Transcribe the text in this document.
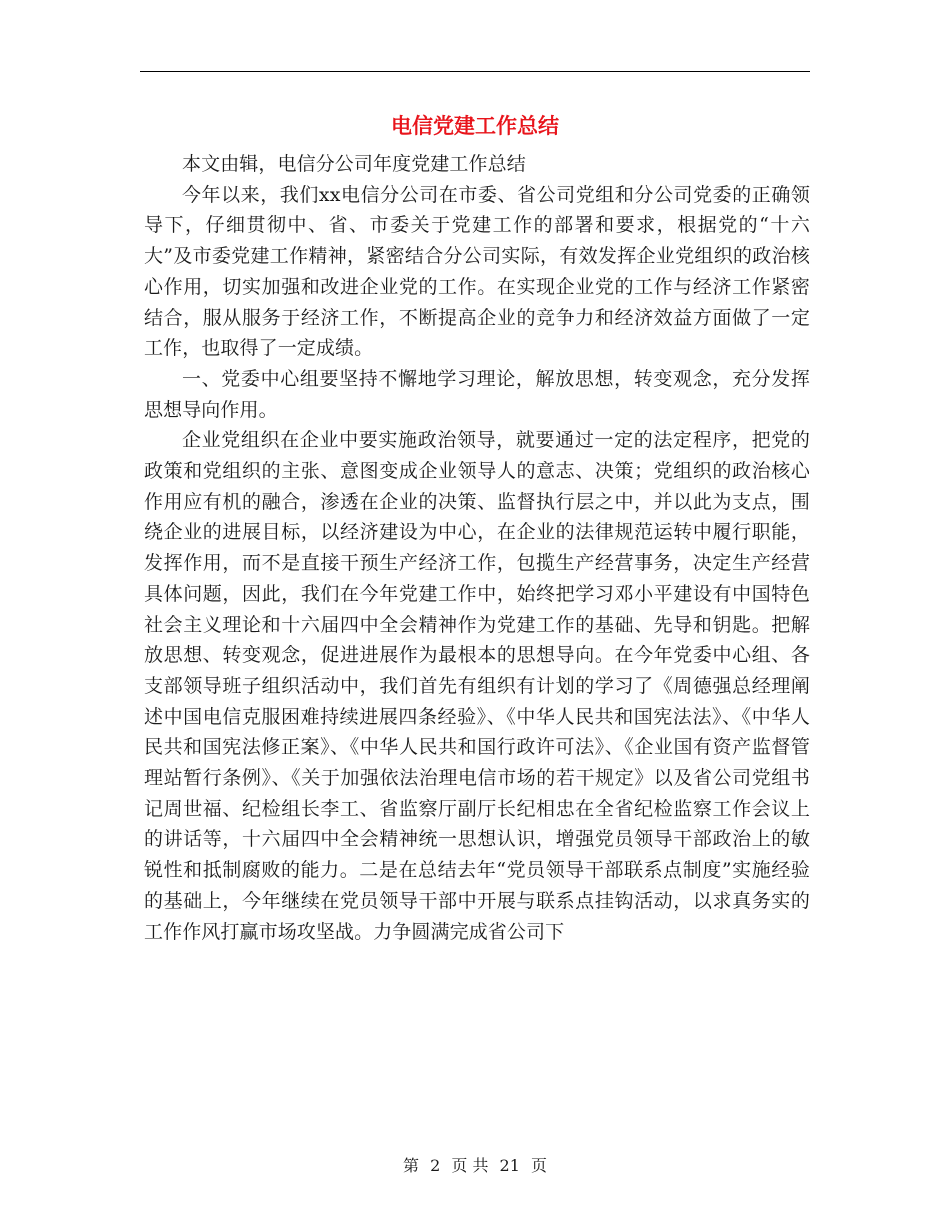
电信党建工作总结

本文由辑，电信分公司年度党建工作总结

今年以来，我们xx电信分公司在市委、省公司党组和分公司党委的正确领导下，仔细贯彻中、省、市委关于党建工作的部署和要求，根据党的“十六大”及市委党建工作精神，紧密结合分公司实际，有效发挥企业党组织的政治核心作用，切实加强和改进企业党的工作。在实现企业党的工作与经济工作紧密结合，服从服务于经济工作，不断提高企业的竞争力和经济效益方面做了一定工作，也取得了一定成绩。

一、党委中心组要坚持不懈地学习理论，解放思想，转变观念，充分发挥思想导向作用。

企业党组织在企业中要实施政治领导，就要通过一定的法定程序，把党的政策和党组织的主张、意图变成企业领导人的意志、决策；党组织的政治核心作用应有机的融合，渗透在企业的决策、监督执行层之中，并以此为支点，围绕企业的进展目标，以经济建设为中心，在企业的法律规范运转中履行职能，发挥作用，而不是直接干预生产经济工作，包揽生产经营事务，决定生产经营具体问题，因此，我们在今年党建工作中，始终把学习邓小平建设有中国特色社会主义理论和十六届四中全会精神作为党建工作的基础、先导和钥匙。把解放思想、转变观念，促进进展作为最根本的思想导向。在今年党委中心组、各支部领导班子组织活动中，我们首先有组织有计划的学习了《周德强总经理阐述中国电信克服困难持续进展四条经验》、《中华人民共和国宪法法》、《中华人民共和国宪法修正案》、《中华人民共和国行政许可法》、《企业国有资产监督管理站暂行条例》、《关于加强依法治理电信市场的若干规定》以及省公司党组书记周世福、纪检组长李工、省监察厅副厅长纪相忠在全省纪检监察工作会议上的讲话等，十六届四中全会精神统一思想认识，增强党员领导干部政治上的敏锐性和抵制腐败的能力。二是在总结去年“党员领导干部联系点制度”实施经验的基础上，今年继续在党员领导干部中开展与联系点挂钩活动，以求真务实的工作作风打赢市场攻坚战。力争圆满完成省公司下

第 2 页 共 21 页
